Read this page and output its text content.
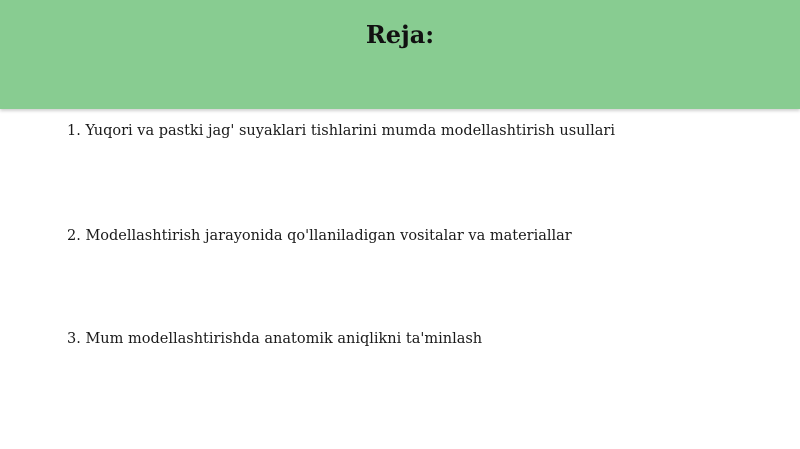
Reja:
1. Yuqori va pastki jag' suyaklari tishlarini mumda modellashtirish usullari
2. Modellashtirish jarayonida qo'llaniladigan vositalar va materiallar
3. Mum modellashtirishda anatomik aniqlikni ta'minlash
